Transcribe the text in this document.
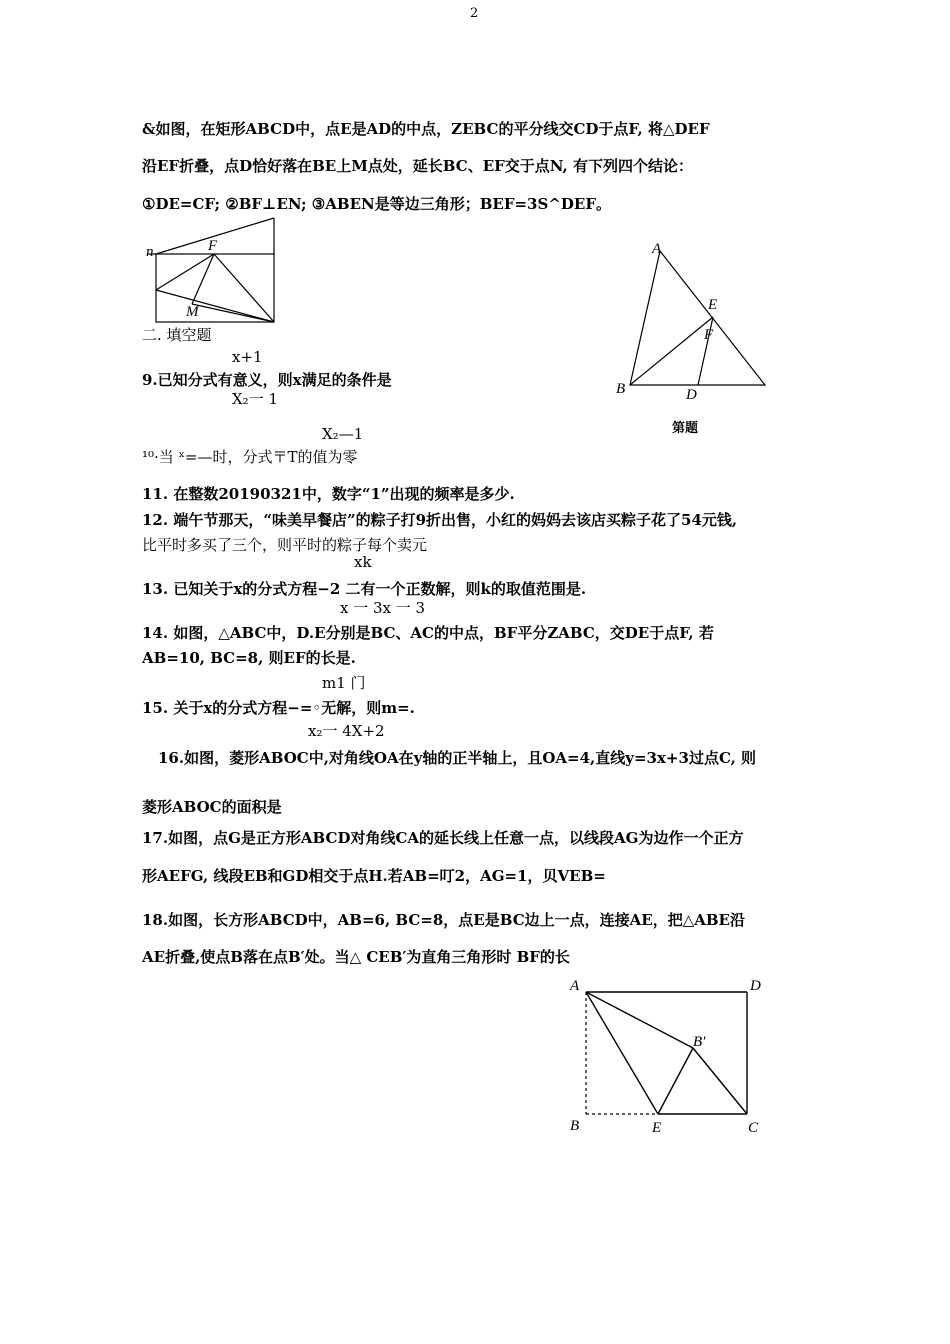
2
&如图，在矩形ABCD中，点E是AD的中点，ZEBC的平分线交CD于点F, 将△DEF
沿EF折叠，点D恰好落在BE上M点处，延长BC、EF交于点N, 有下列四个结论：
①DE=CF; ②BF⊥EN; ③ABEN是等边三角形；BEF=3S^DEF。
n	F
M
A
E
F
B	D
第题
二. 填空题
x+1
9.已知分式有意义，则x满足的条件是
X₂一 1
X₂—1
¹⁰·当 ˣ=—时，分式〒T的值为零
11. 在整数20190321中，数字“1”出现的频率是多少.
12. 端午节那天，“味美早餐店”的粽子打9折出售，小红的妈妈去该店买粽子花了54元钱,
比平时多买了三个，则平时的粽子每个卖元
xk
13. 已知关于x的分式方程−2 二有一个正数解，则k的取值范围是.
x 一 3x 一 3
14. 如图，△ABC中，D.E分别是BC、AC的中点，BF平分ZABC，交DE于点F, 若
AB=10, BC=8, 则EF的长是.
m1 门
15. 关于x的分式方程−=◦无解，则m=.
x₂一 4X+2
16.如图，菱形ABOC中,对角线OA在y轴的正半轴上，且OA=4,直线y=3x+3过点C, 则
菱形ABOC的面积是
17.如图，点G是正方形ABCD对角线CA的延长线上任意一点，以线段AG为边作一个正方
形AEFG, 线段EB和GD相交于点H.若AB=叮2，AG=1，贝VEB=
18.如图，长方形ABCD中，AB=6, BC=8，点E是BC边上一点，连接AE，把△ABE沿
AE折叠,使点B落在点B′处。当△ CEB′为直角三角形时 BF的长
A	D
B′
B	E	C
